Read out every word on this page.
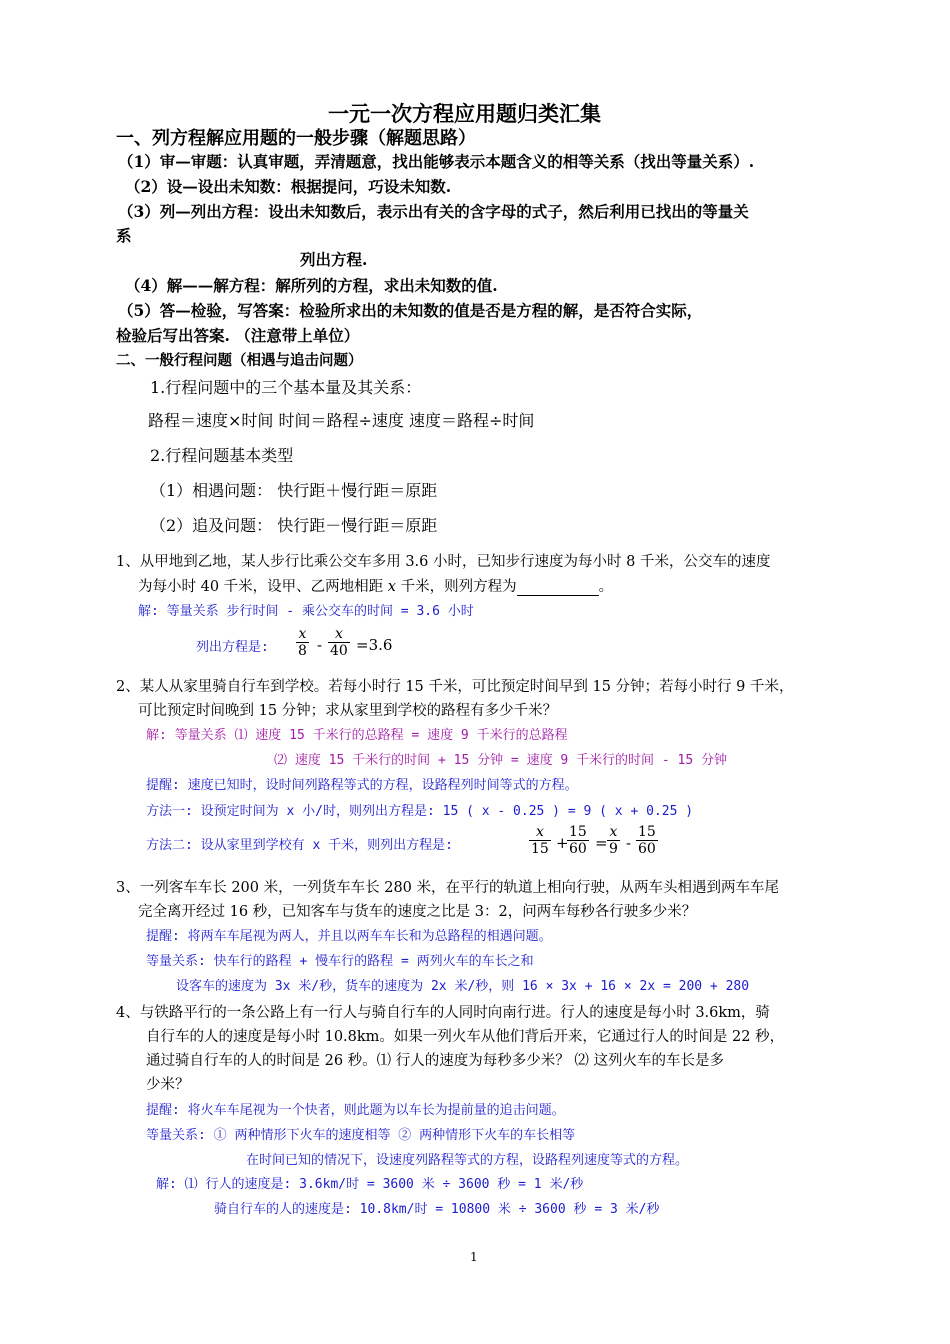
一元一次方程应用题归类汇集
一、列方程解应用题的一般步骤（解题思路）
（1）审—审题：认真审题，弄清题意，找出能够表示本题含义的相等关系（找出等量关系）.
（2）设—设出未知数：根据提问，巧设未知数.
（3）列—列出方程：设出未知数后，表示出有关的含字母的式子，然后利用已找出的等量关
系
列出方程.
（4）解——解方程：解所列的方程，求出未知数的值.
（5）答—检验，写答案：检验所求出的未知数的值是否是方程的解，是否符合实际，
检验后写出答案. （注意带上单位）
二、一般行程问题（相遇与追击问题）
1.行程问题中的三个基本量及其关系：
路程＝速度×时间 时间＝路程÷速度 速度＝路程÷时间
2.行程问题基本类型
（1）相遇问题： 快行距＋慢行距＝原距
（2）追及问题： 快行距－慢行距＝原距
1、从甲地到乙地，某人步行比乘公交车多用 3.6 小时，已知步行速度为每小时 8 千米，公交车的速度
为每小时 40 千米，设甲、乙两地相距 x 千米，则列方程为	。
解: 等量关系 步行时间 - 乘公交车的时间 = 3.6 小时
列出方程是: $\frac{x}{8} - \frac{x}{40} =3.6$
2、某人从家里骑自行车到学校。若每小时行 15 千米，可比预定时间早到 15 分钟；若每小时行 9 千米，
可比预定时间晚到 15 分钟；求从家里到学校的路程有多少千米？
解: 等量关系 ⑴ 速度 15 千米行的总路程 = 速度 9 千米行的总路程
⑵ 速度 15 千米行的时间 + 15 分钟 = 速度 9 千米行的时间 - 15 分钟
提醒: 速度已知时，设时间列路程等式的方程，设路程列时间等式的方程。
方法一: 设预定时间为 x 小/时，则列出方程是: 15 ( x - 0.25 ) = 9 ( x + 0.25 )
方法二: 设从家里到学校有 x 千米，则列出方程是:	$\frac{x}{15}$ +
$\frac{15}{60} = \frac{x}{9} - \frac{15}{60}$
3、一列客车车长 200 米，一列货车车长 280 米，在平行的轨道上相向行驶，从两车头相遇到两车车尾
完全离开经过 16 秒，已知客车与货车的速度之比是 3：2，问两车每秒各行驶多少米？
提醒: 将两车车尾视为两人，并且以两车车长和为总路程的相遇问题。
等量关系: 快车行的路程 + 慢车行的路程 = 两列火车的车长之和
设客车的速度为 3x 米/秒，货车的速度为 2x 米/秒，则 16 × 3x + 16 × 2x = 200 + 280
4、与铁路平行的一条公路上有一行人与骑自行车的人同时向南行进。行人的速度是每小时 3.6km，骑
自行车的人的速度是每小时 10.8km。如果一列火车从他们背后开来，它通过行人的时间是 22 秒，
通过骑自行车的人的时间是 26 秒。⑴ 行人的速度为每秒多少米？ ⑵ 这列火车的车长是多
少米？
提醒: 将火车车尾视为一个快者，则此题为以车长为提前量的追击问题。
等量关系: ① 两种情形下火车的速度相等 ② 两种情形下火车的车长相等
在时间已知的情况下，设速度列路程等式的方程，设路程列速度等式的方程。
解: ⑴ 行人的速度是: 3.6km/时 = 3600 米 ÷ 3600 秒 = 1 米/秒
骑自行车的人的速度是: 10.8km/时 = 10800 米 ÷ 3600 秒 = 3 米/秒
1
